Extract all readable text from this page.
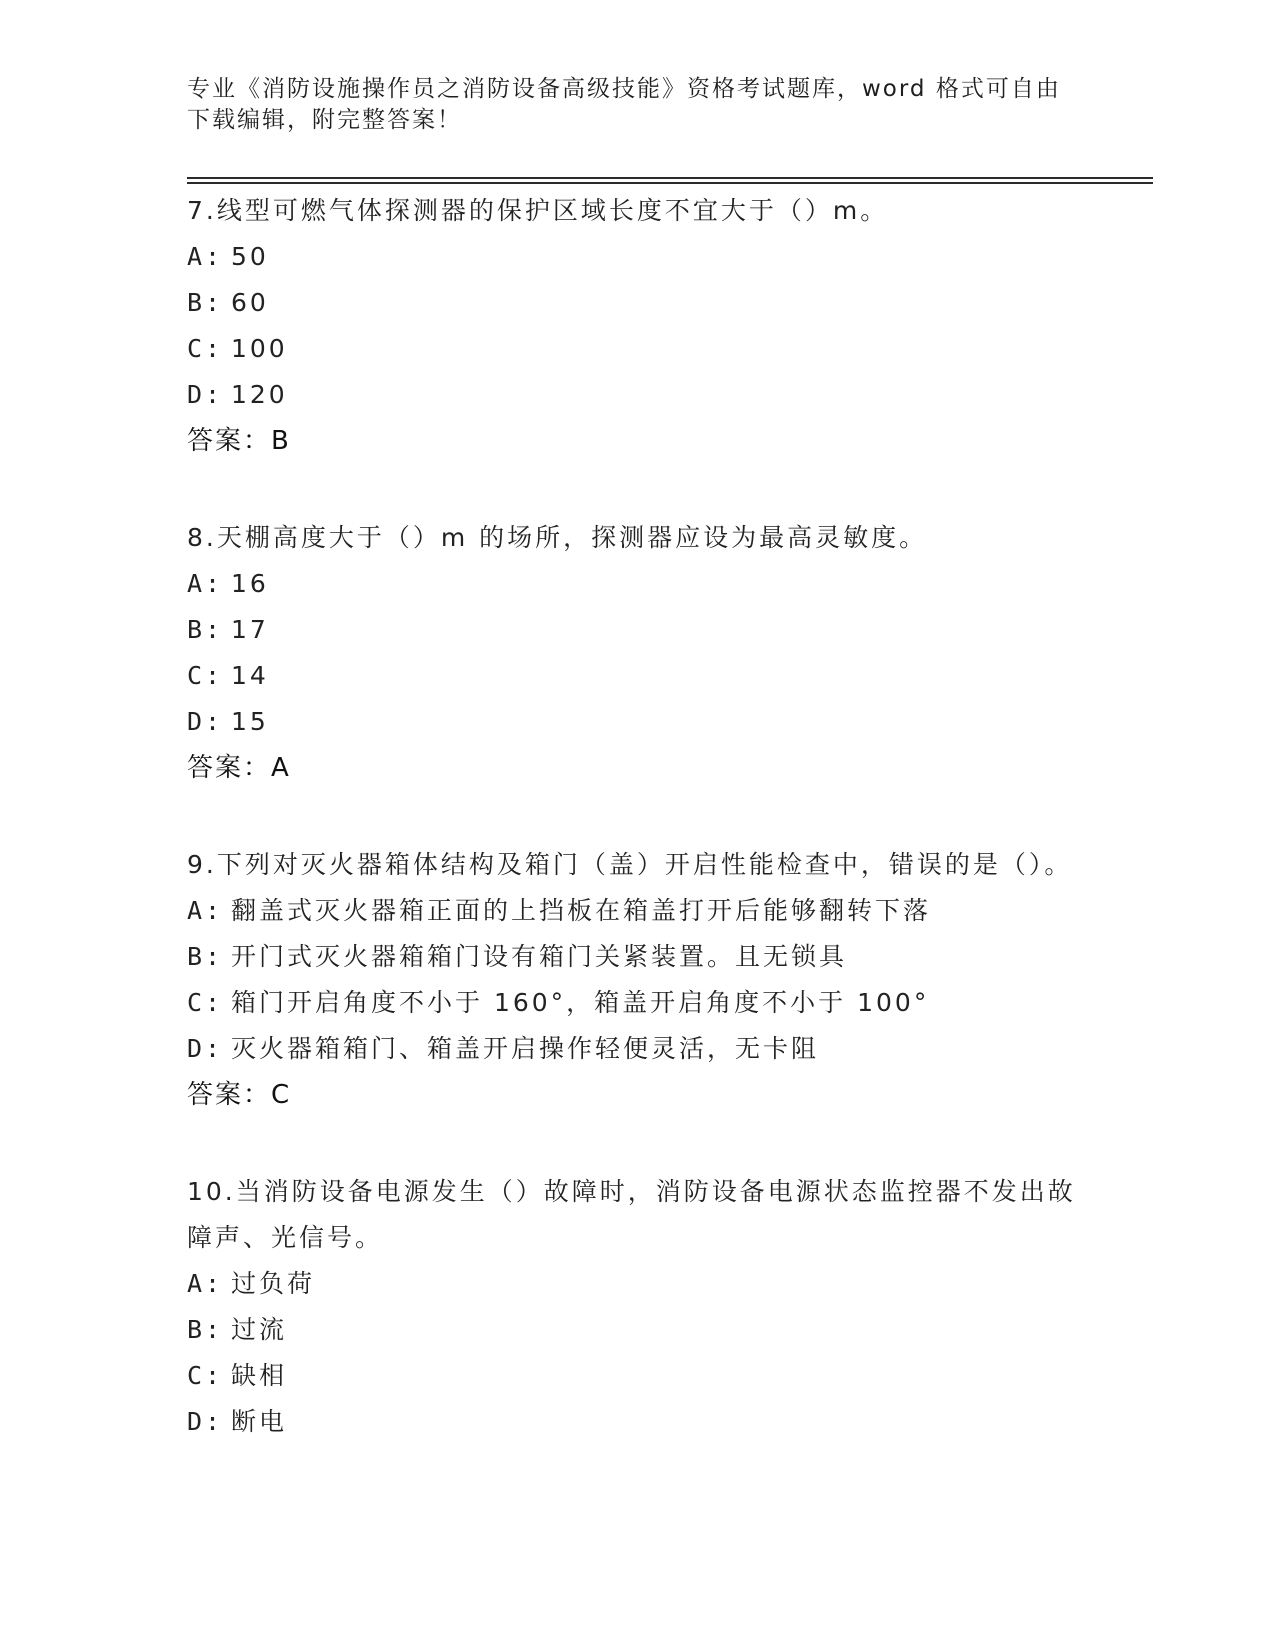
专业《消防设施操作员之消防设备高级技能》资格考试题库，word 格式可自由下载编辑，附完整答案！

7.线型可燃气体探测器的保护区域长度不宜大于（）m。

A: 50

B: 60

C: 100

D: 120

答案：B

8.天棚高度大于（）m 的场所，探测器应设为最高灵敏度。

A: 16

B: 17

C: 14

D: 15

答案：A

9.下列对灭火器箱体结构及箱门（盖）开启性能检查中，错误的是（）。

A: 翻盖式灭火器箱正面的上挡板在箱盖打开后能够翻转下落

B: 开门式灭火器箱箱门设有箱门关紧装置。且无锁具

C: 箱门开启角度不小于 160°，箱盖开启角度不小于 100°

D: 灭火器箱箱门、箱盖开启操作轻便灵活，无卡阻

答案：C

10.当消防设备电源发生（）故障时，消防设备电源状态监控器不发出故障声、光信号。

A: 过负荷

B: 过流

C: 缺相

D: 断电
